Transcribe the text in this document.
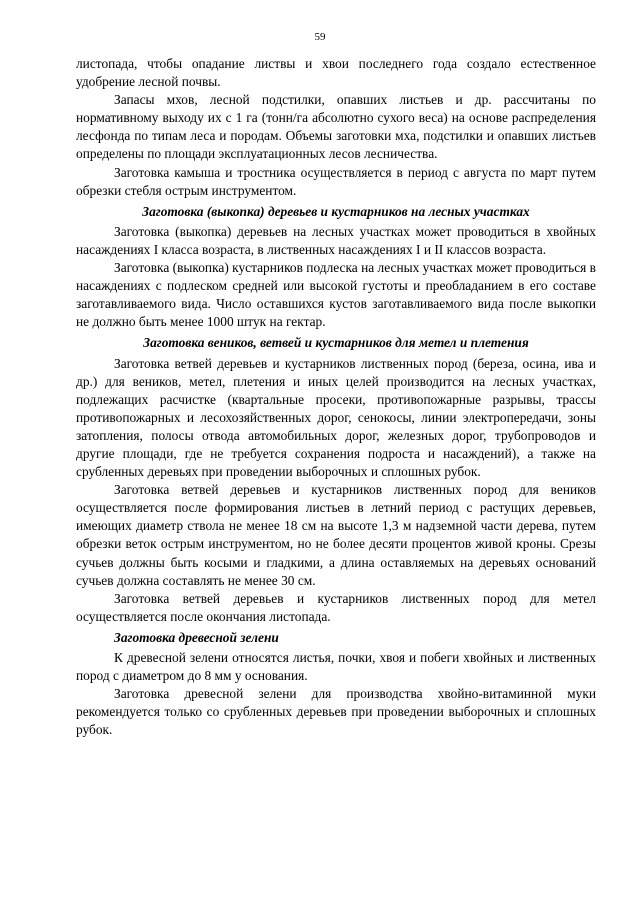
59

листопада, чтобы опадание листвы и хвои последнего года создало естественное удобрение лесной почвы.

Запасы мхов, лесной подстилки, опавших листьев и др. рассчитаны по нормативному выходу их с 1 га (тонн/га абсолютно сухого веса) на основе распределения лесфонда по типам леса и породам. Объемы заготовки мха, подстилки и опавших листьев определены по площади эксплуатационных лесов лесничества.

Заготовка камыша и тростника осуществляется в период с августа по март путем обрезки стебля острым инструментом.

Заготовка (выкопка) деревьев и кустарников на лесных участках

Заготовка (выкопка) деревьев на лесных участках может проводиться в хвойных насаждениях I класса возраста, в лиственных насаждениях I и II классов возраста.

Заготовка (выкопка) кустарников подлеска на лесных участках может проводиться в насаждениях с подлеском средней или высокой густоты и преобладанием в его составе заготавливаемого вида. Число оставшихся кустов заготавливаемого вида после выкопки не должно быть менее 1000 штук на гектар.

Заготовка веников, ветвей и кустарников для метел и плетения

Заготовка ветвей деревьев и кустарников лиственных пород (береза, осина, ива и др.) для веников, метел, плетения и иных целей производится на лесных участках, подлежащих расчистке (квартальные просеки, противопожарные разрывы, трассы противопожарных и лесохозяйственных дорог, сенокосы, линии электропередачи, зоны затопления, полосы отвода автомобильных дорог, железных дорог, трубопроводов и другие площади, где не требуется сохранения подроста и насаждений), а также на срубленных деревьях при проведении выборочных и сплошных рубок.

Заготовка ветвей деревьев и кустарников лиственных пород для веников осуществляется после формирования листьев в летний период с растущих деревьев, имеющих диаметр ствола не менее 18 см на высоте 1,3 м надземной части дерева, путем обрезки веток острым инструментом, но не более десяти процентов живой кроны. Срезы сучьев должны быть косыми и гладкими, а длина оставляемых на деревьях оснований сучьев должна составлять не менее 30 см.

Заготовка ветвей деревьев и кустарников лиственных пород для метел осуществляется после окончания листопада.

Заготовка древесной зелени

К древесной зелени относятся листья, почки, хвоя и побеги хвойных и лиственных пород с диаметром до 8 мм у основания.

Заготовка древесной зелени для производства хвойно-витаминной муки рекомендуется только со срубленных деревьев при проведении выборочных и сплошных рубок.
